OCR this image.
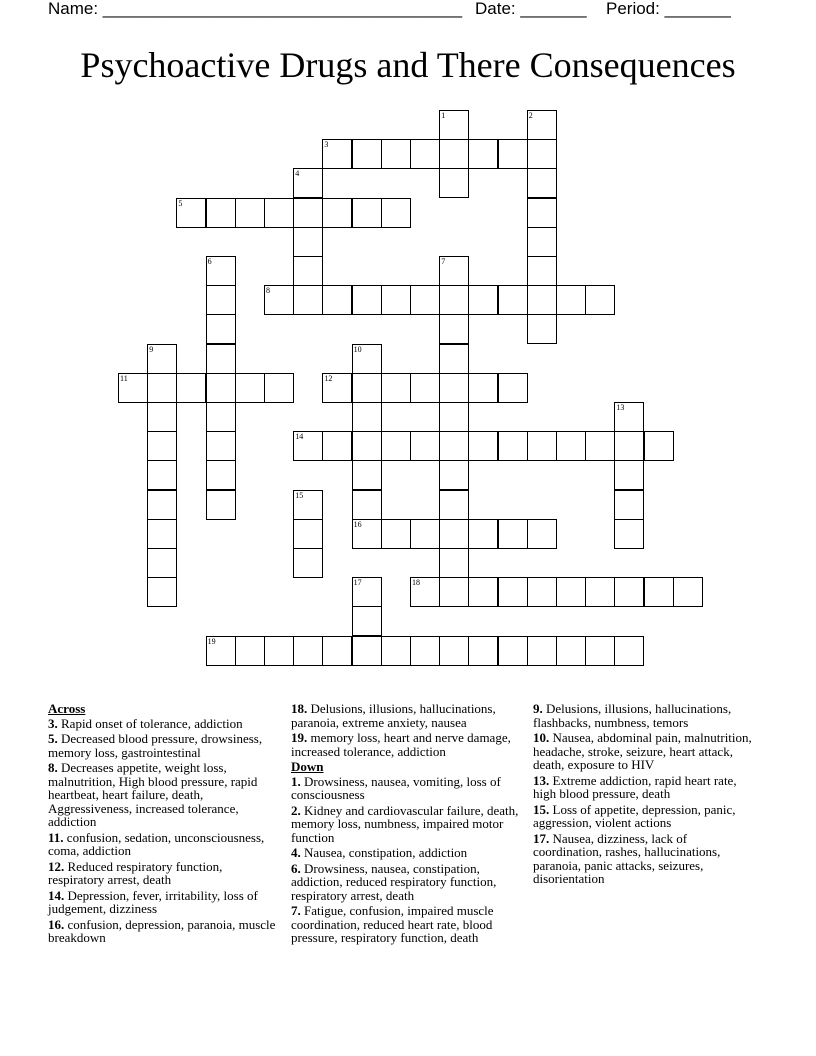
Name: ______________________________________ Date: _______ Period: _______
Psychoactive Drugs and There Consequences
1	2
3
4
5
6	7
8
9	10
11	12
13
14
15
16
17	18
19
Across
3. Rapid onset of tolerance, addiction
5. Decreased blood pressure, drowsiness, memory loss, gastrointestinal
8. Decreases appetite, weight loss, malnutrition, High blood pressure, rapid heartbeat, heart failure, death, Aggressiveness, increased tolerance, addiction
11. confusion, sedation, unconsciousness, coma, addiction
12. Reduced respiratory function, respiratory arrest, death
14. Depression, fever, irritability, loss of judgement, dizziness
16. confusion, depression, paranoia, muscle breakdown
18. Delusions, illusions, hallucinations, paranoia, extreme anxiety, nausea
19. memory loss, heart and nerve damage, increased tolerance, addiction
Down
1. Drowsiness, nausea, vomiting, loss of consciousness
2. Kidney and cardiovascular failure, death, memory loss, numbness, impaired motor function
4. Nausea, constipation, addiction
6. Drowsiness, nausea, constipation, addiction, reduced respiratory function, respiratory arrest, death
7. Fatigue, confusion, impaired muscle coordination, reduced heart rate, blood pressure, respiratory function, death
9. Delusions, illusions, hallucinations, flashbacks, numbness, temors
10. Nausea, abdominal pain, malnutrition, headache, stroke, seizure, heart attack, death, exposure to HIV
13. Extreme addiction, rapid heart rate, high blood pressure, death
15. Loss of appetite, depression, panic, aggression, violent actions
17. Nausea, dizziness, lack of coordination, rashes, hallucinations, paranoia, panic attacks, seizures, disorientation
